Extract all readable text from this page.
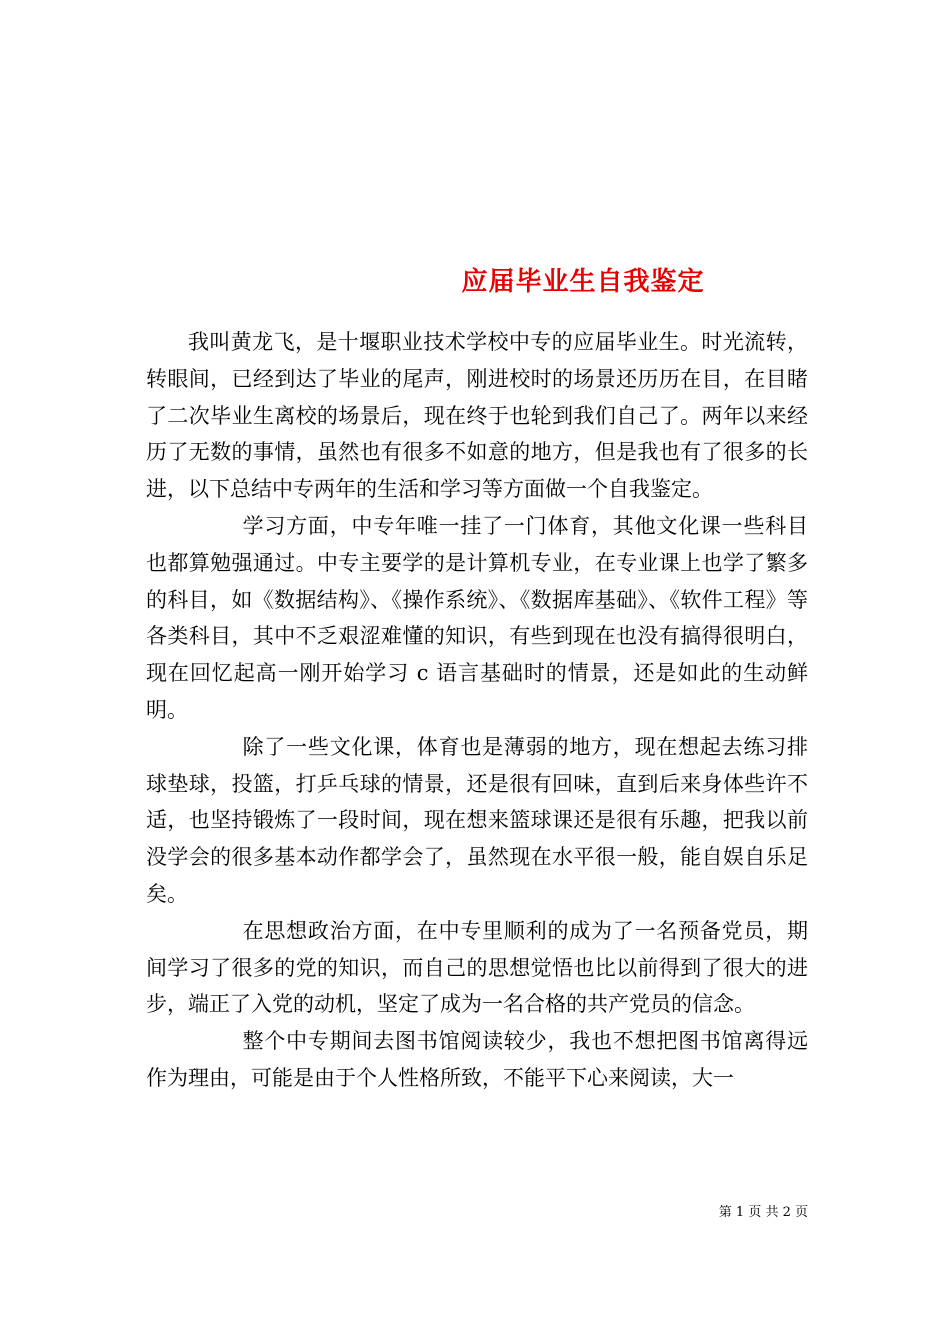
应届毕业生自我鉴定

我叫黄龙飞，是十堰职业技术学校中专的应届毕业生。时光流转，转眼间，已经到达了毕业的尾声，刚进校时的场景还历历在目，在目睹了二次毕业生离校的场景后，现在终于也轮到我们自己了。两年以来经历了无数的事情，虽然也有很多不如意的地方，但是我也有了很多的长进，以下总结中专两年的生活和学习等方面做一个自我鉴定。

学习方面，中专年唯一挂了一门体育，其他文化课一些科目也都算勉强通过。中专主要学的是计算机专业，在专业课上也学了繁多的科目，如《数据结构》、《操作系统》、《数据库基础》、《软件工程》等各类科目，其中不乏艰涩难懂的知识，有些到现在也没有搞得很明白，现在回忆起高一刚开始学习 c 语言基础时的情景，还是如此的生动鲜明。

除了一些文化课，体育也是薄弱的地方，现在想起去练习排球垫球，投篮，打乒乓球的情景，还是很有回味，直到后来身体些许不适，也坚持锻炼了一段时间，现在想来篮球课还是很有乐趣，把我以前没学会的很多基本动作都学会了，虽然现在水平很一般，能自娱自乐足矣。

在思想政治方面，在中专里顺利的成为了一名预备党员，期间学习了很多的党的知识，而自己的思想觉悟也比以前得到了很大的进步，端正了入党的动机，坚定了成为一名合格的共产党员的信念。

整个中专期间去图书馆阅读较少，我也不想把图书馆离得远作为理由，可能是由于个人性格所致，不能平下心来阅读，大一

第 1 页 共 2 页
